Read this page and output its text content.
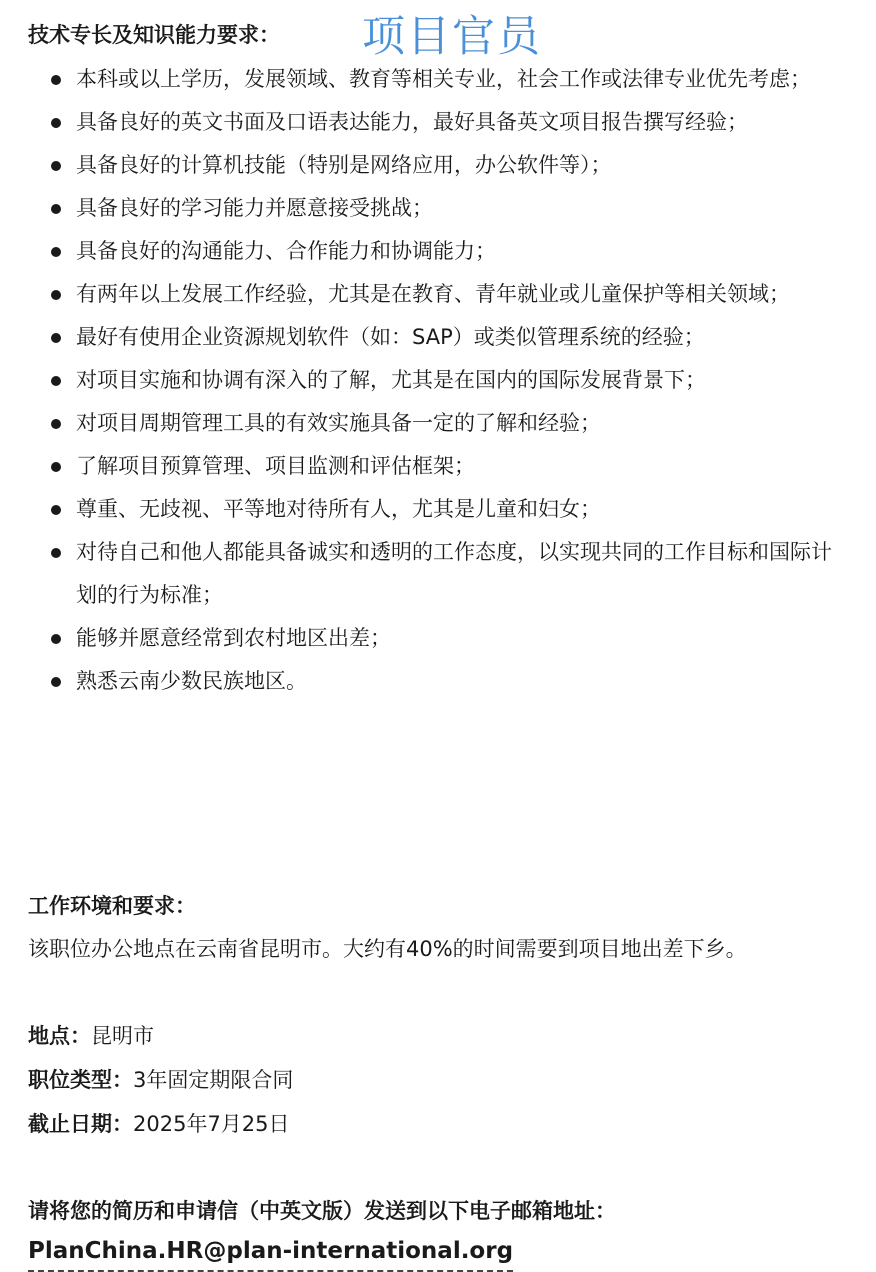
技术专长及知识能力要求： 项目官员
本科或以上学历，发展领域、教育等相关专业，社会工作或法律专业优先考虑；
具备良好的英文书面及口语表达能力，最好具备英文项目报告撰写经验；
具备良好的计算机技能（特别是网络应用，办公软件等）；
具备良好的学习能力并愿意接受挑战；
具备良好的沟通能力、合作能力和协调能力；
有两年以上发展工作经验，尤其是在教育、青年就业或儿童保护等相关领域；
最好有使用企业资源规划软件（如：SAP）或类似管理系统的经验；
对项目实施和协调有深入的了解，尤其是在国内的国际发展背景下；
对项目周期管理工具的有效实施具备一定的了解和经验；
了解项目预算管理、项目监测和评估框架；
尊重、无歧视、平等地对待所有人，尤其是儿童和妇女；
对待自己和他人都能具备诚实和透明的工作态度，以实现共同的工作目标和国际计划的行为标准；
能够并愿意经常到农村地区出差；
熟悉云南少数民族地区。
工作环境和要求：
该职位办公地点在云南省昆明市。大约有40%的时间需要到项目地出差下乡。
地点：昆明市
职位类型：3年固定期限合同
截止日期：2025年7月25日
请将您的简历和申请信（中英文版）发送到以下电子邮箱地址：
PlanChina.HR@plan-international.org
